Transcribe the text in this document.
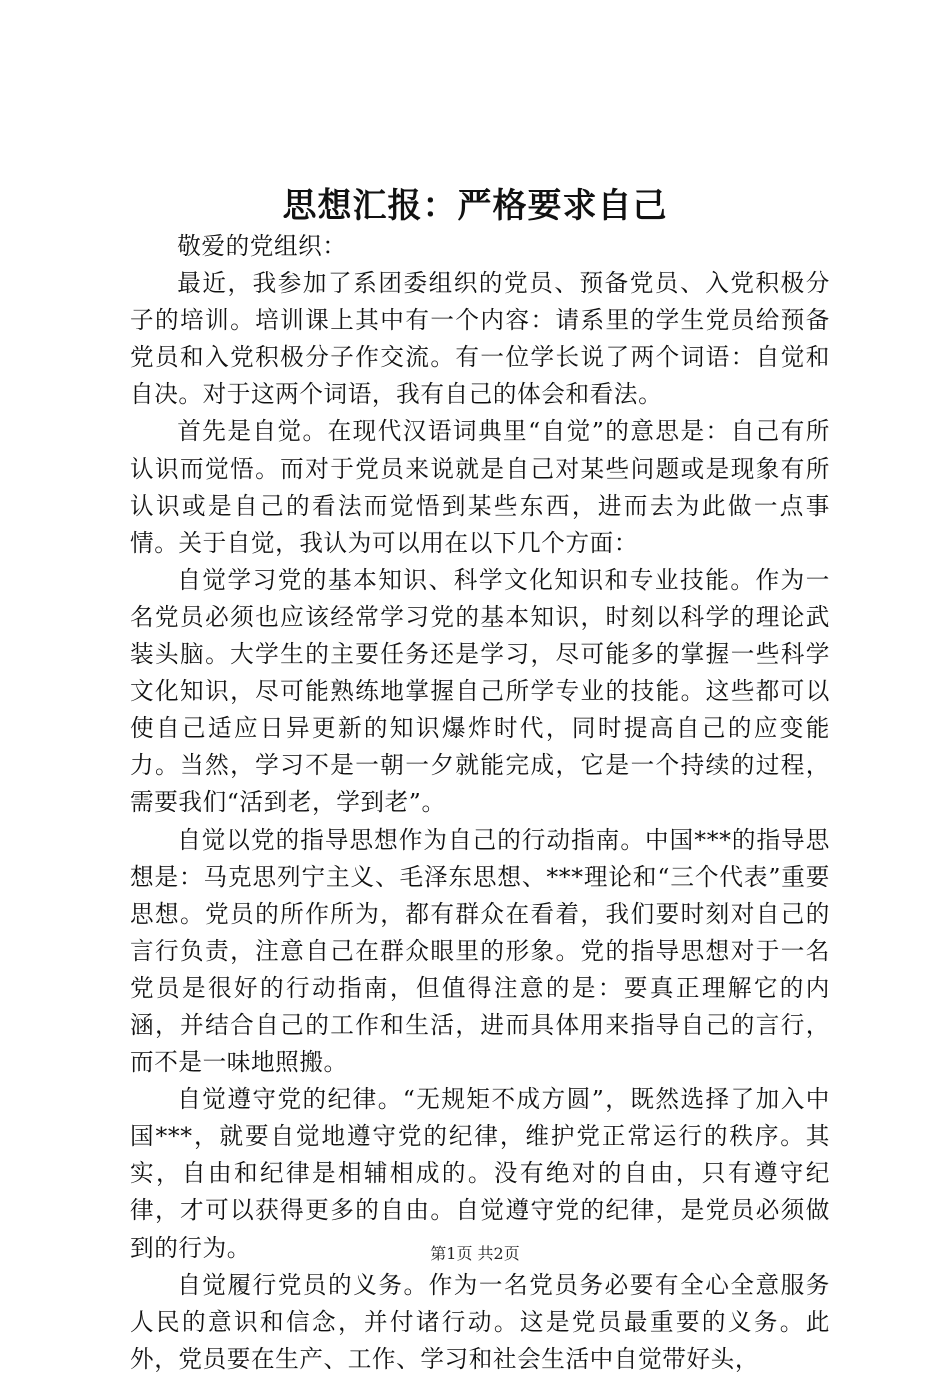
思想汇报：严格要求自己

敬爱的党组织：

最近，我参加了系团委组织的党员、预备党员、入党积极分子的培训。培训课上其中有一个内容：请系里的学生党员给预备党员和入党积极分子作交流。有一位学长说了两个词语：自觉和自决。对于这两个词语，我有自己的体会和看法。

首先是自觉。在现代汉语词典里“自觉”的意思是：自己有所认识而觉悟。而对于党员来说就是自己对某些问题或是现象有所认识或是自己的看法而觉悟到某些东西，进而去为此做一点事情。关于自觉，我认为可以用在以下几个方面：

自觉学习党的基本知识、科学文化知识和专业技能。作为一名党员必须也应该经常学习党的基本知识，时刻以科学的理论武装头脑。大学生的主要任务还是学习，尽可能多的掌握一些科学文化知识，尽可能熟练地掌握自己所学专业的技能。这些都可以使自己适应日异更新的知识爆炸时代，同时提高自己的应变能力。当然，学习不是一朝一夕就能完成，它是一个持续的过程，需要我们“活到老，学到老”。

自觉以党的指导思想作为自己的行动指南。中国***的指导思想是：马克思列宁主义、毛泽东思想、***理论和“三个代表”重要思想。党员的所作所为，都有群众在看着，我们要时刻对自己的言行负责，注意自己在群众眼里的形象。党的指导思想对于一名党员是很好的行动指南，但值得注意的是：要真正理解它的内涵，并结合自己的工作和生活，进而具体用来指导自己的言行，而不是一味地照搬。

自觉遵守党的纪律。“无规矩不成方圆”，既然选择了加入中国***，就要自觉地遵守党的纪律，维护党正常运行的秩序。其实，自由和纪律是相辅相成的。没有绝对的自由，只有遵守纪律，才可以获得更多的自由。自觉遵守党的纪律，是党员必须做到的行为。

自觉履行党员的义务。作为一名党员务必要有全心全意服务人民的意识和信念，并付诸行动。这是党员最重要的义务。此外，党员要在生产、工作、学习和社会生活中自觉带好头，

第1页 共2页
